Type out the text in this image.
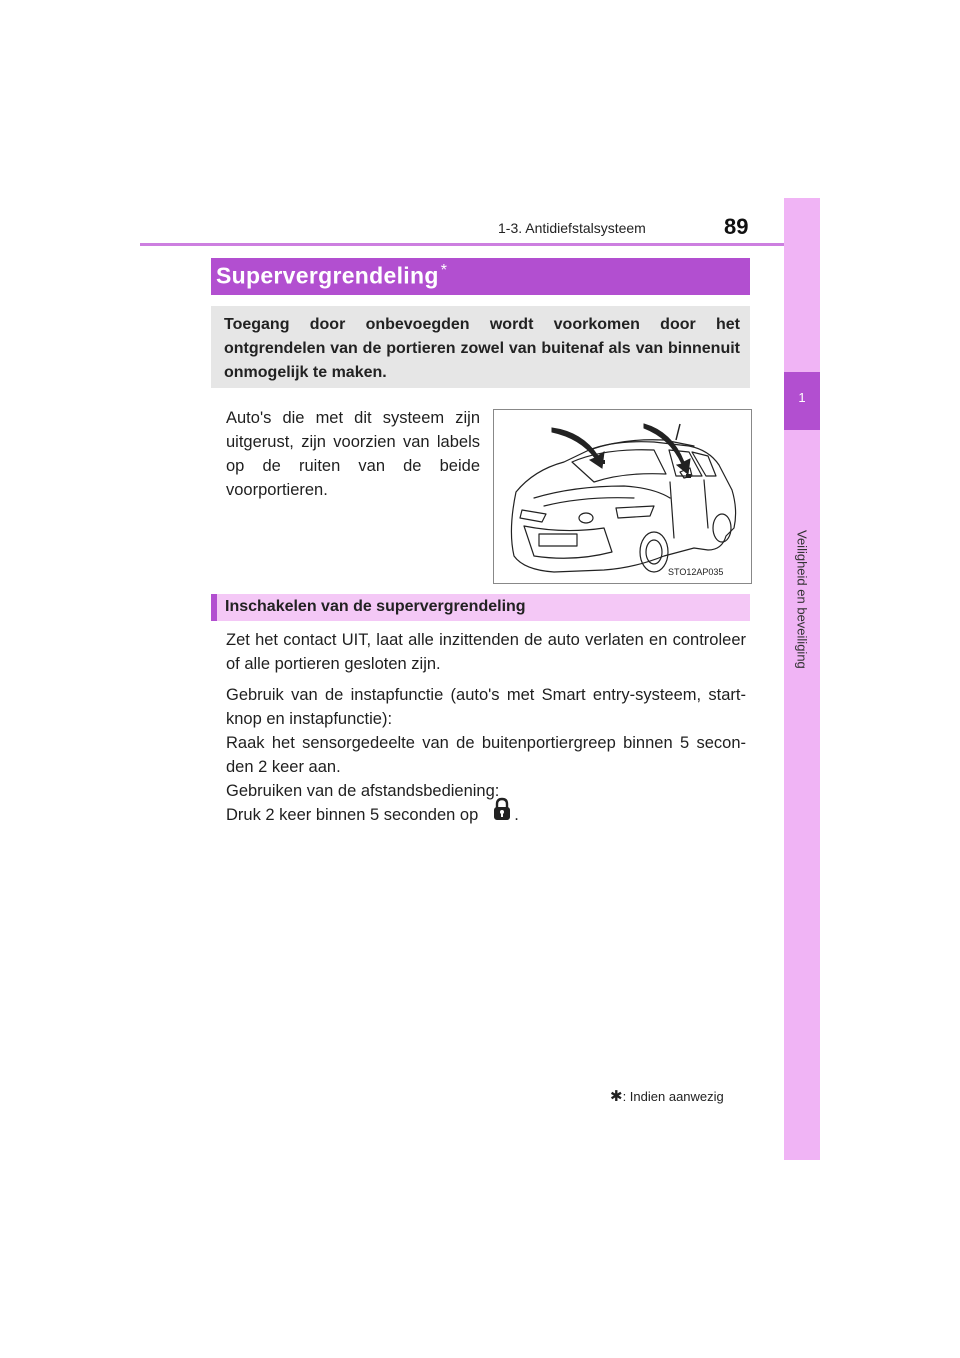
1-3. Antidiefstalsysteem	89
1
Veiligheid en beveiliging
Supervergrendeling *
Toegang door onbevoegden wordt voorkomen door het ontgrendelen van de portieren zowel van buitenaf als van binnenuit onmogelijk te maken.
Auto's die met dit systeem zijn uitgerust, zijn voorzien van labels op de ruiten van de beide voorportieren.
STO12AP035
Inschakelen van de supervergrendeling
Zet het contact UIT, laat alle inzittenden de auto verlaten en controleer of alle portieren gesloten zijn.
Gebruik van de instapfunctie (auto's met Smart entry-systeem, startknop en instapfunctie):
Raak het sensorgedeelte van de buitenportiergreep binnen 5 seconden 2 keer aan.
Gebruiken van de afstandsbediening:
Druk 2 keer binnen 5 seconden op .
✱: Indien aanwezig
